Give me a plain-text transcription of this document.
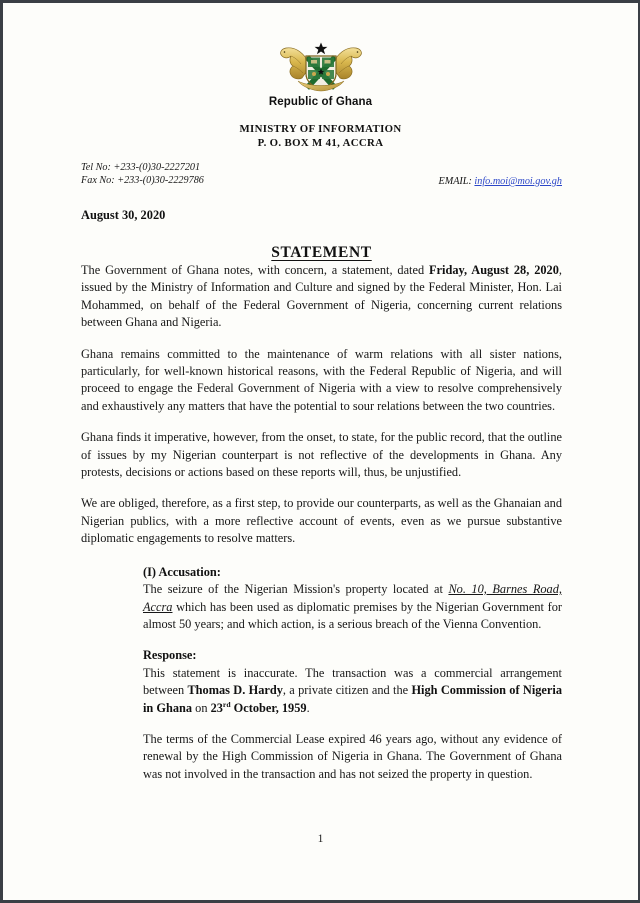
Republic of Ghana
MINISTRY OF INFORMATION
P. O. BOX M 41, ACCRA
Tel No: +233-(0)30-2227201
Fax No: +233-(0)30-2229786	EMAIL: info.moi@moi.gov.gh
August 30, 2020
STATEMENT

The Government of Ghana notes, with concern, a statement, dated Friday, August 28, 2020, issued by the Ministry of Information and Culture and signed by the Federal Minister, Hon. Lai Mohammed, on behalf of the Federal Government of Nigeria, concerning current relations between Ghana and Nigeria.

Ghana remains committed to the maintenance of warm relations with all sister nations, particularly, for well-known historical reasons, with the Federal Republic of Nigeria, and will proceed to engage the Federal Government of Nigeria with a view to resolve comprehensively and exhaustively any matters that have the potential to sour relations between the two countries.

Ghana finds it imperative, however, from the onset, to state, for the public record, that the outline of issues by my Nigerian counterpart is not reflective of the developments in Ghana. Any protests, decisions or actions based on these reports will, thus, be unjustified.

We are obliged, therefore, as a first step, to provide our counterparts, as well as the Ghanaian and Nigerian publics, with a more reflective account of events, even as we pursue substantive diplomatic engagements to resolve matters.

(I) Accusation:

The seizure of the Nigerian Mission's property located at No. 10, Barnes Road, Accra which has been used as diplomatic premises by the Nigerian Government for almost 50 years; and which action, is a serious breach of the Vienna Convention.

Response:

This statement is inaccurate. The transaction was a commercial arrangement between Thomas D. Hardy, a private citizen and the High Commission of Nigeria in Ghana on 23rd October, 1959.

The terms of the Commercial Lease expired 46 years ago, without any evidence of renewal by the High Commission of Nigeria in Ghana. The Government of Ghana was not involved in the transaction and has not seized the property in question.

1
